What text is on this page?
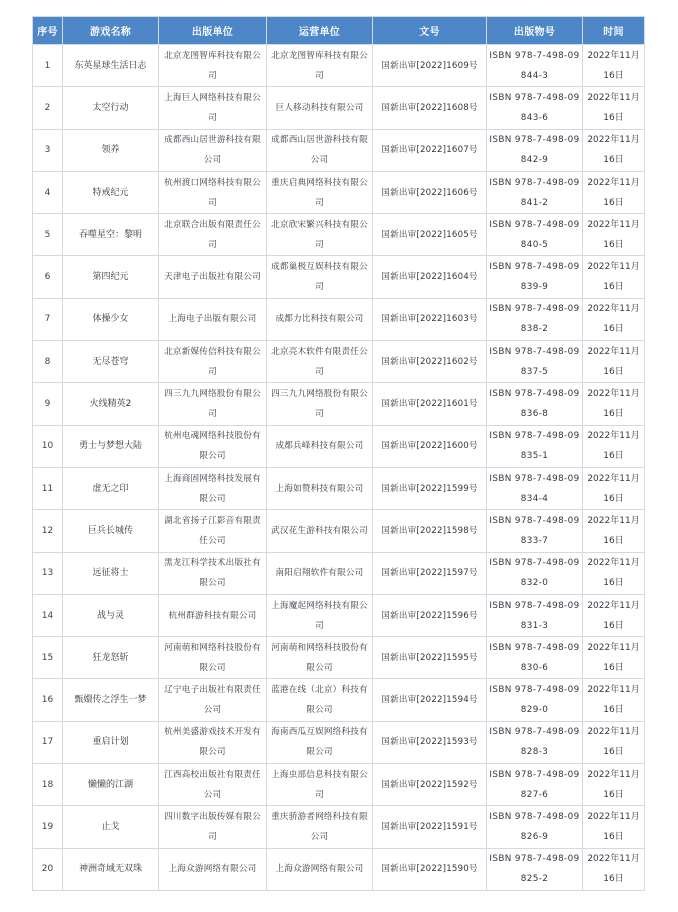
序号	游戏名称	出版单位	运营单位	文号	出版物号	时间
1	东英星球生活日志	北京龙图智库科技有限公司	北京龙图智库科技有限公司	国新出审[2022]1609号	ISBN 978-7-498-09844-3	2022年11月16日
2	太空行动	上海巨人网络科技有限公司	巨人移动科技有限公司	国新出审[2022]1608号	ISBN 978-7-498-09843-6	2022年11月16日
3	领养	成都西山居世游科技有限公司	成都西山居世游科技有限公司	国新出审[2022]1607号	ISBN 978-7-498-09842-9	2022年11月16日
4	特戒纪元	杭州渡口网络科技有限公司	重庆启典网络科技有限公司	国新出审[2022]1606号	ISBN 978-7-498-09841-2	2022年11月16日
5	吞噬星空：黎明	北京联合出版有限责任公司	北京欣宋繁兴科技有限公司	国新出审[2022]1605号	ISBN 978-7-498-09840-5	2022年11月16日
6	第四纪元	天津电子出版社有限公司	成都巢极互娱科技有限公司	国新出审[2022]1604号	ISBN 978-7-498-09839-9	2022年11月16日
7	体操少女	上海电子出版有限公司	成都力比科技有限公司	国新出审[2022]1603号	ISBN 978-7-498-09838-2	2022年11月16日
8	无尽苍穹	北京新媒传信科技有限公司	北京亮木软件有限责任公司	国新出审[2022]1602号	ISBN 978-7-498-09837-5	2022年11月16日
9	火线精英2	四三九九网络股份有限公司	四三九九网络股份有限公司	国新出审[2022]1601号	ISBN 978-7-498-09836-8	2022年11月16日
10	勇士与梦想大陆	杭州电魂网络科技股份有限公司	成都兵峰科技有限公司	国新出审[2022]1600号	ISBN 978-7-498-09835-1	2022年11月16日
11	虚无之印	上海商固网络科技发展有限公司	上海如赞科技有限公司	国新出审[2022]1599号	ISBN 978-7-498-09834-4	2022年11月16日
12	巨兵长城传	湖北省扬子江影音有限责任公司	武汉花生游科技有限公司	国新出审[2022]1598号	ISBN 978-7-498-09833-7	2022年11月16日
13	远征将士	黑龙江科学技术出版社有限公司	南阳启翔软件有限公司	国新出审[2022]1597号	ISBN 978-7-498-09832-0	2022年11月16日
14	战与灵	杭州群游科技有限公司	上海魔起网络科技有限公司	国新出审[2022]1596号	ISBN 978-7-498-09831-3	2022年11月16日
15	狂龙怒斩	河南萌和网络科技股份有限公司	河南萌和网络科技股份有限公司	国新出审[2022]1595号	ISBN 978-7-498-09830-6	2022年11月16日
16	甄嬛传之浮生一梦	辽宁电子出版社有限责任公司	蓝港在线（北京）科技有限公司	国新出审[2022]1594号	ISBN 978-7-498-09829-0	2022年11月16日
17	重启计划	杭州美盛游戏技术开发有限公司	海南西瓜互娱网络科技有限公司	国新出审[2022]1593号	ISBN 978-7-498-09828-3	2022年11月16日
18	懒懒的江湖	江西高校出版社有限责任公司	上海虫部信息科技有限公司	国新出审[2022]1592号	ISBN 978-7-498-09827-6	2022年11月16日
19	止戈	四川数字出版传媒有限公司	重庆骄游者网络科技有限公司	国新出审[2022]1591号	ISBN 978-7-498-09826-9	2022年11月16日
20	神洲奇域无双珠	上海众游网络有限公司	上海众游网络有限公司	国新出审[2022]1590号	ISBN 978-7-498-09825-2	2022年11月16日
